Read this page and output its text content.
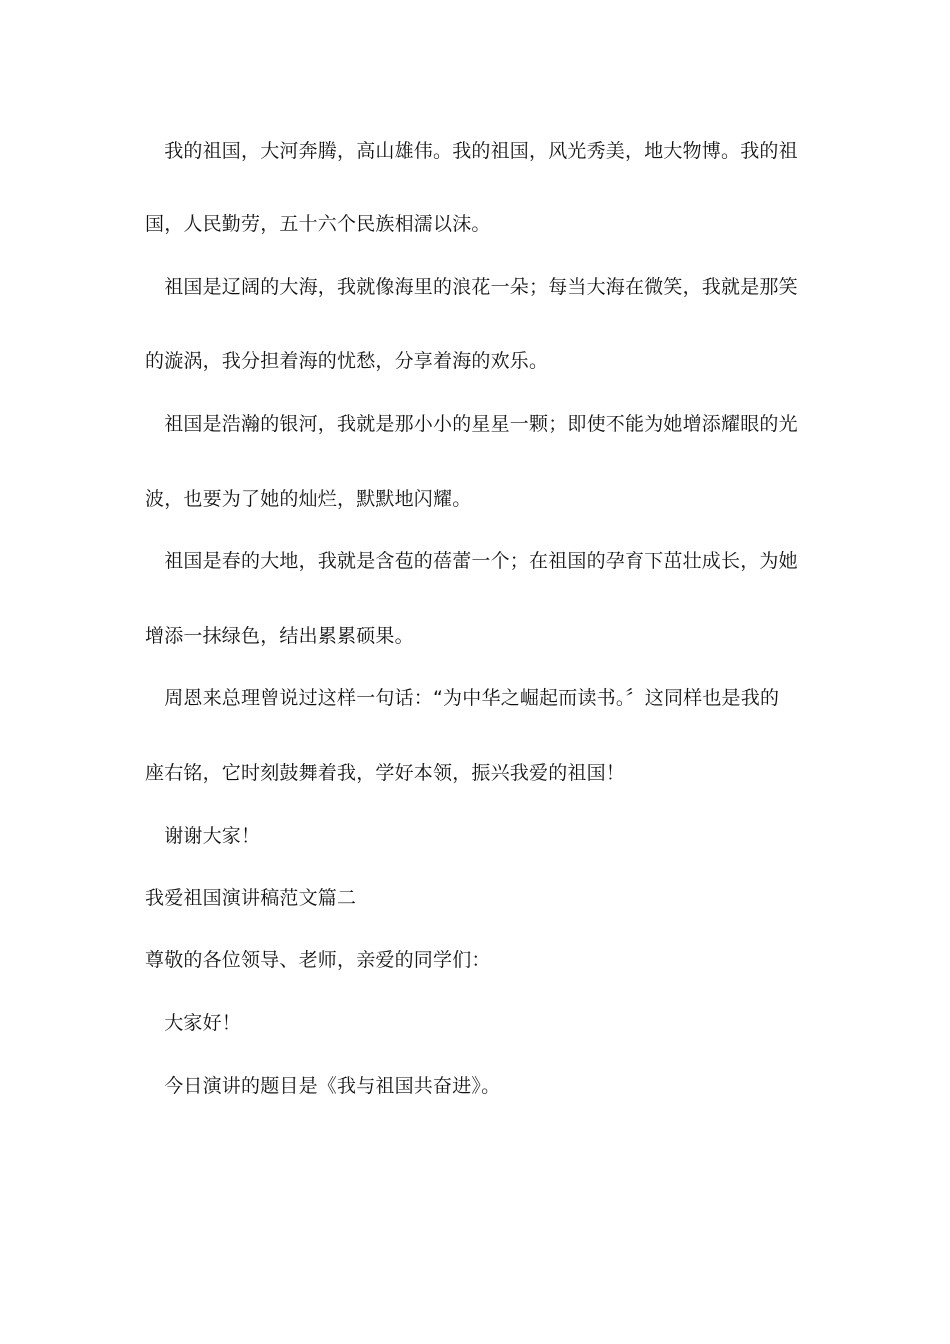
　我的祖国，大河奔腾，高山雄伟。我的祖国，风光秀美，地大物博。我的祖
国，人民勤劳，五十六个民族相濡以沫。
　祖国是辽阔的大海，我就像海里的浪花一朵；每当大海在微笑，我就是那笑
的漩涡，我分担着海的忧愁，分享着海的欢乐。
　祖国是浩瀚的银河，我就是那小小的星星一颗；即使不能为她增添耀眼的光
波，也要为了她的灿烂，默默地闪耀。
　祖国是春的大地，我就是含苞的蓓蕾一个；在祖国的孕育下茁壮成长，为她
增添一抹绿色，结出累累硕果。
　周恩来总理曾说过这样一句话：“为中华之崛起而读书。〞这同样也是我的
座右铭，它时刻鼓舞着我，学好本领，振兴我爱的祖国！
　谢谢大家！
我爱祖国演讲稿范文篇二
尊敬的各位领导、老师，亲爱的同学们：
　大家好！
　今日演讲的题目是《我与祖国共奋进》。
